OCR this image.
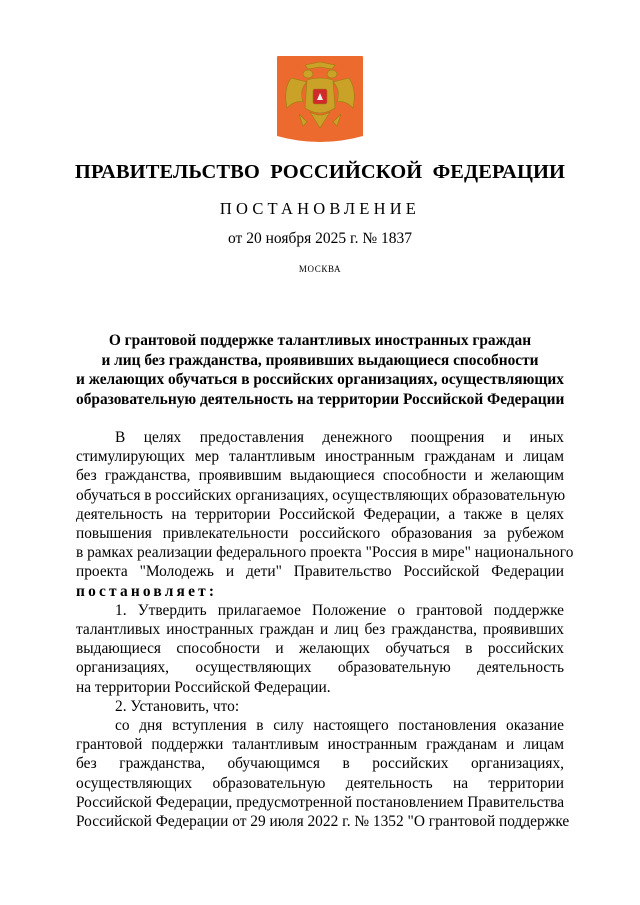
ПРАВИТЕЛЬСТВО РОССИЙСКОЙ ФЕДЕРАЦИИ
ПОСТАНОВЛЕНИЕ
от 20 ноября 2025 г. № 1837
МОСКВА
О грантовой поддержке талантливых иностранных граждан
и лиц без гражданства, проявивших выдающиеся способности
и желающих обучаться в российских организациях, осуществляющих
образовательную деятельность на территории Российской Федерации
В целях предоставления денежного поощрения и иных
стимулирующих мер талантливым иностранным гражданам и лицам
без гражданства, проявившим выдающиеся способности и желающим
обучаться в российских организациях, осуществляющих образовательную
деятельность на территории Российской Федерации, а также в целях
повышения привлекательности российского образования за рубежом
в рамках реализации федерального проекта "Россия в мире" национального
проекта "Молодежь и дети" Правительство Российской Федерации
постановляет:
1. Утвердить прилагаемое Положение о грантовой поддержке
талантливых иностранных граждан и лиц без гражданства, проявивших
выдающиеся способности и желающих обучаться в российских
организациях, осуществляющих образовательную деятельность
на территории Российской Федерации.
2. Установить, что:
со дня вступления в силу настоящего постановления оказание
грантовой поддержки талантливым иностранным гражданам и лицам
без гражданства, обучающимся в российских организациях,
осуществляющих образовательную деятельность на территории
Российской Федерации, предусмотренной постановлением Правительства
Российской Федерации от 29 июля 2022 г. № 1352 "О грантовой поддержке
